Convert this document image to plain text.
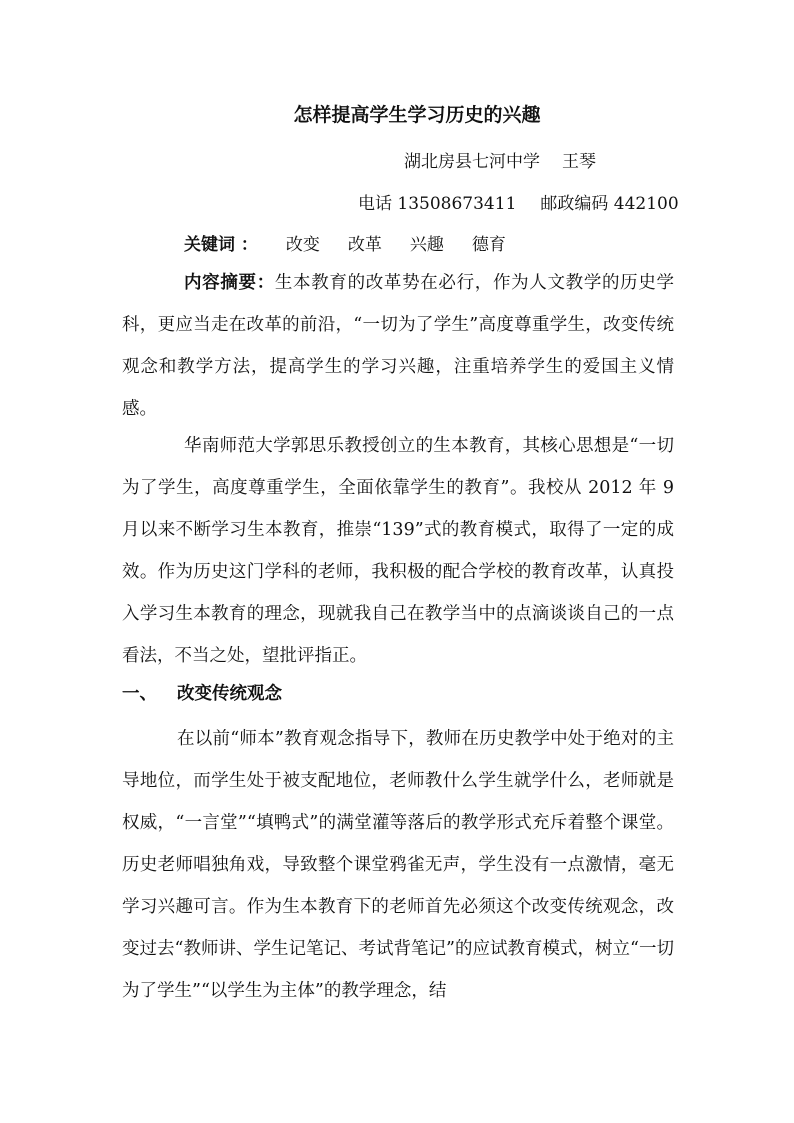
怎样提高学生学习历史的兴趣
湖北房县七河中学 王琴
电话 13508673411 邮政编码 442100
关键词 ： 改变 改革 兴趣 德育

内容摘要：生本教育的改革势在必行，作为人文教学的历史学科，更应当走在改革的前沿，“一切为了学生”高度尊重学生，改变传统观念和教学方法，提高学生的学习兴趣，注重培养学生的爱国主义情感。

华南师范大学郭思乐教授创立的生本教育，其核心思想是“一切为了学生，高度尊重学生，全面依靠学生的教育”。我校从 2012 年 9 月以来不断学习生本教育，推崇“139”式的教育模式，取得了一定的成效。作为历史这门学科的老师，我积极的配合学校的教育改革，认真投入学习生本教育的理念，现就我自己在教学当中的点滴谈谈自己的一点看法，不当之处，望批评指正。

一、 改变传统观念

在以前“师本”教育观念指导下，教师在历史教学中处于绝对的主导地位，而学生处于被支配地位，老师教什么学生就学什么，老师就是权威，“一言堂”“填鸭式”的满堂灌等落后的教学形式充斥着整个课堂。历史老师唱独角戏，导致整个课堂鸦雀无声，学生没有一点激情，毫无学习兴趣可言。作为生本教育下的老师首先必须这个改变传统观念，改变过去“教师讲、学生记笔记、考试背笔记”的应试教育模式，树立“一切为了学生”“以学生为主体”的教学理念，结
